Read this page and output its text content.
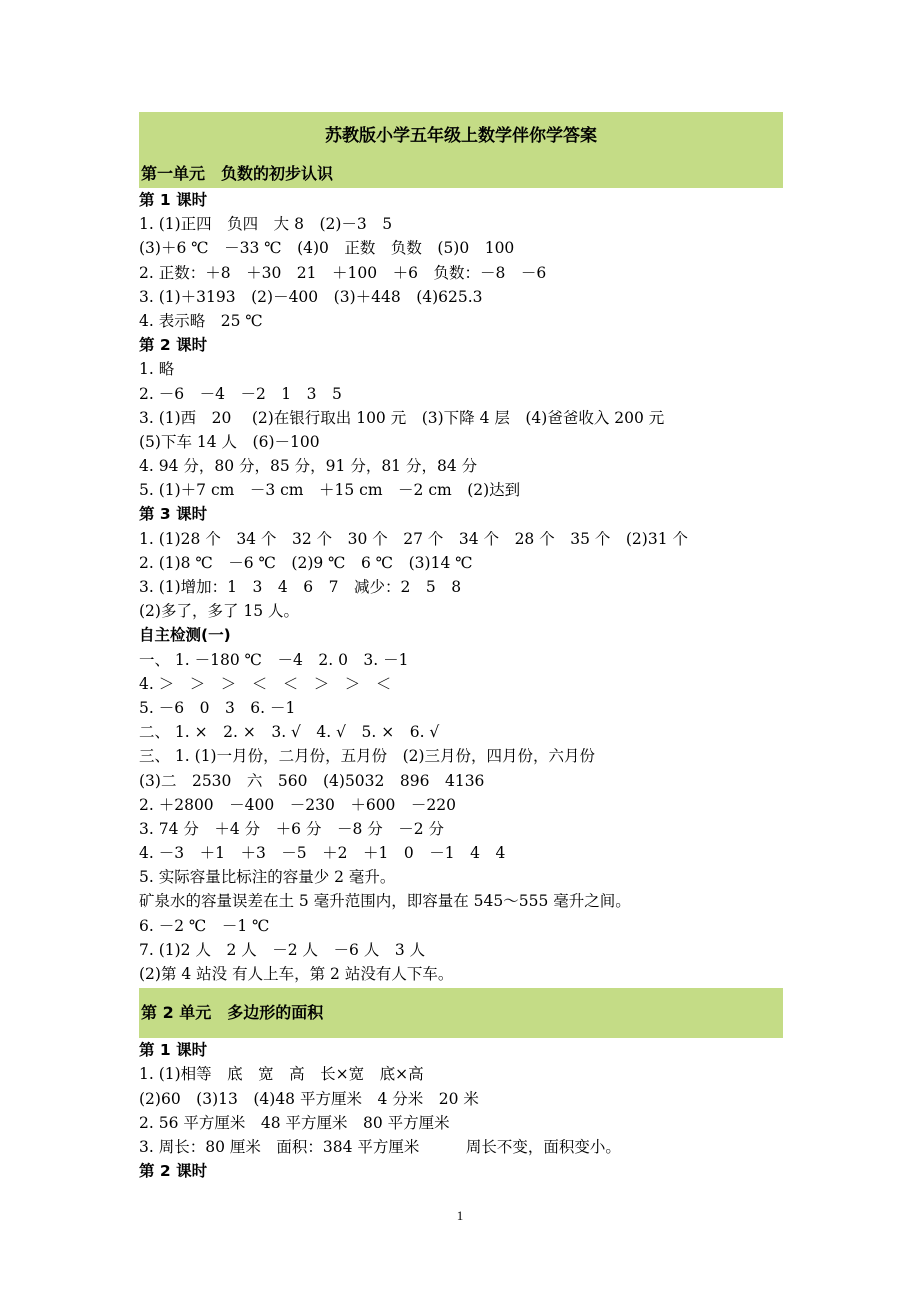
苏教版小学五年级上数学伴你学答案
第一单元　负数的初步认识
第 1 课时
1. (1)正四　负四　大 8　(2)－3　5
(3)＋6 ℃　－33 ℃　(4)0　正数　负数　(5)0　100
2. 正数：＋8　＋30　21　＋100　＋6　负数：－8　－6
3. (1)＋3193　(2)－400　(3)＋448　(4)625.3
4. 表示略　25 ℃
第 2 课时
1. 略
2. －6　－4　－2　1　3　5
3. (1)西　20　 (2)在银行取出 100 元　(3)下降 4 层　(4)爸爸收入 200 元
(5)下车 14 人　(6)－100
4. 94 分，80 分，85 分，91 分，81 分，84 分
5. (1)＋7 cm　－3 cm　＋15 cm　－2 cm　(2)达到
第 3 课时
1. (1)28 个　34 个　32 个　30 个　27 个　34 个　28 个　35 个　(2)31 个
2. (1)8 ℃　－6 ℃　(2)9 ℃　6 ℃　(3)14 ℃
3. (1)增加：1　3　4　6　7　减少：2　5　8
(2)多了，多了 15 人。
自主检测(一)
一、 1. －180 ℃　－4　2. 0　3. －1
4. ＞　＞　＞　＜　＜　＞　＞　＜
5. －6　0　3　6. －1
二、 1. ×　2. ×　3. √　4. √　5. ×　6. √
三、 1. (1)一月份，二月份，五月份　(2)三月份，四月份，六月份
(3)二　2530　六　560　(4)5032　896　4136
2. ＋2800　－400　－230　＋600　－220
3. 74 分　＋4 分　＋6 分　－8 分　－2 分
4. －3　＋1　＋3　－5　＋2　＋1　0　－1　4　4
5. 实际容量比标注的容量少 2 毫升。
矿泉水的容量误差在土 5 毫升范围内，即容量在 545～555 毫升之间。
6. －2 ℃　－1 ℃
7. (1)2 人　2 人　－2 人　－6 人　3 人
(2)第 4 站没 有人上车，第 2 站没有人下车。
第 2 单元　多边形的面积
第 1 课时
1. (1)相等　底　宽　高　长×宽　底×高
(2)60　(3)13　(4)48 平方厘米　4 分米　20 米
2. 56 平方厘米　48 平方厘米　80 平方厘米
3. 周长：80 厘米　面积：384 平方厘米　　　周长不变，面积变小。
第 2 课时
1
